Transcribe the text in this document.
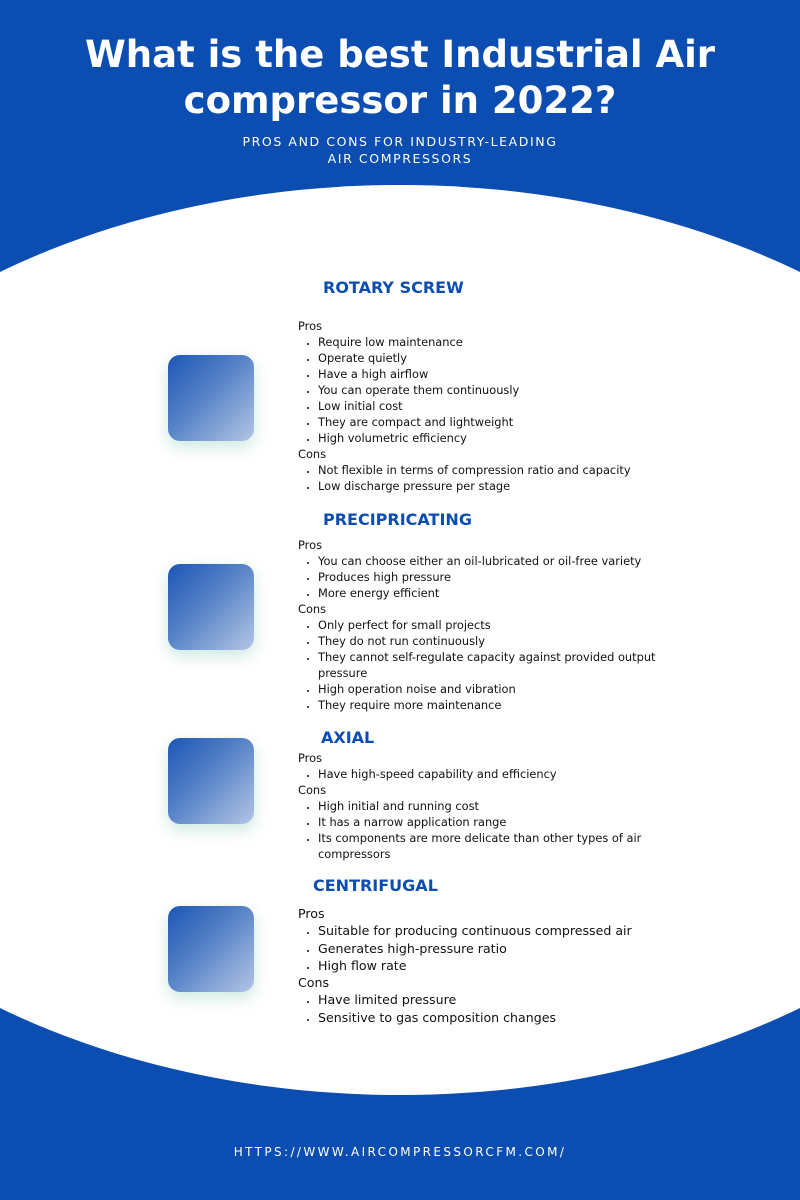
What is the best Industrial Air compressor in 2022?

PROS AND CONS FOR INDUSTRY-LEADING AIR COMPRESSORS

ROTARY SCREW
Pros
• Require low maintenance
• Operate quietly
• Have a high airflow
• You can operate them continuously
• Low initial cost
• They are compact and lightweight
• High volumetric efficiency
Cons
• Not flexible in terms of compression ratio and capacity
• Low discharge pressure per stage
PRECIPRICATING
Pros
• You can choose either an oil-lubricated or oil-free variety
• Produces high pressure
• More energy efficient
Cons
• Only perfect for small projects
• They do not run continuously
• They cannot self-regulate capacity against provided output pressure
• High operation noise and vibration
• They require more maintenance
AXIAL
Pros
• Have high-speed capability and efficiency
Cons
• High initial and running cost
• It has a narrow application range
• Its components are more delicate than other types of air compressors
CENTRIFUGAL
Pros
• Suitable for producing continuous compressed air
• Generates high-pressure ratio
• High flow rate
Cons
• Have limited pressure
• Sensitive to gas composition changes

HTTPS://WWW.AIRCOMPRESSORCFM.COM/
